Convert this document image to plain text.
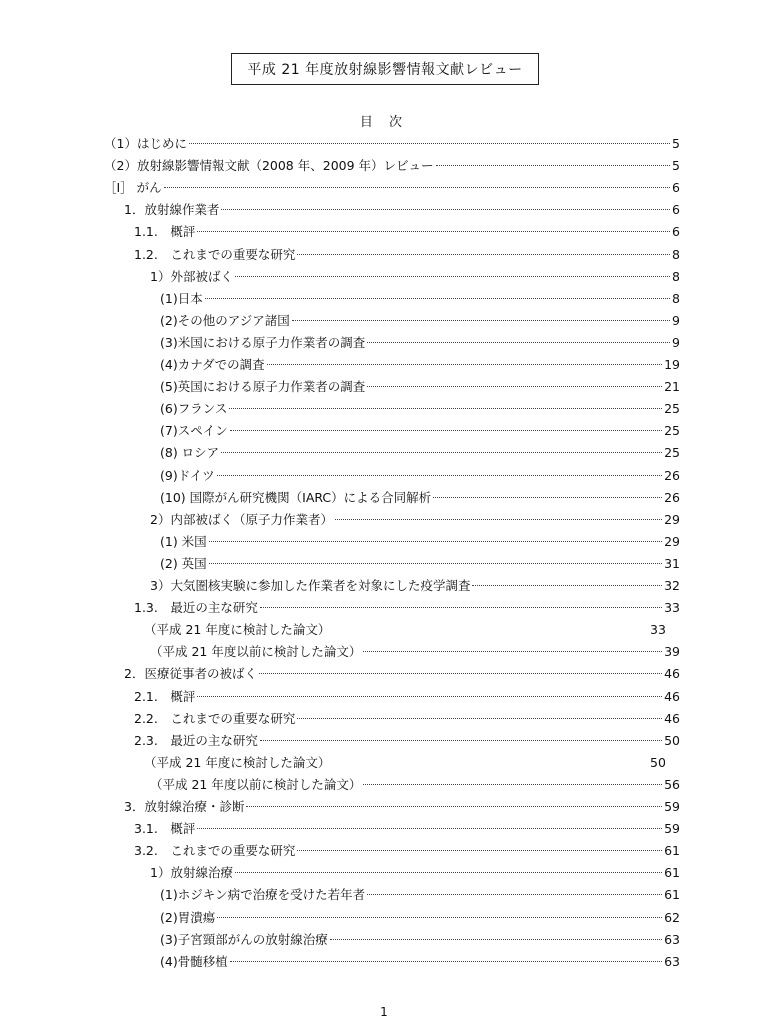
平成 21 年度放射線影響情報文献レビュー
目 次
（1）はじめに	5
（2）放射線影響情報文献（2008 年、2009 年）レビュー	5
［Ⅰ］ がん	6
1．放射線作業者	6
1.1.　概評	6
1.2.　これまでの重要な研究	8
1）外部被ばく	8
(1)日本	8
(2)その他のアジア諸国	9
(3)米国における原子力作業者の調査	9
(4)カナダでの調査	19
(5)英国における原子力作業者の調査	21
(6)フランス	25
(7)スペイン	25
(8) ロシア	25
(9)ドイツ	26
(10) 国際がん研究機関（IARC）による合同解析	26
2）内部被ばく（原子力作業者）	29
(1) 米国	29
(2) 英国	31
3）大気圏核実験に参加した作業者を対象にした疫学調査	32
1.3.　最近の主な研究	33
（平成 21 年度に検討した論文）	33
（平成 21 年度以前に検討した論文）	39
2．医療従事者の被ばく	46
2.1.　概評	46
2.2.　これまでの重要な研究	46
2.3.　最近の主な研究	50
（平成 21 年度に検討した論文）	50
（平成 21 年度以前に検討した論文）	56
3．放射線治療・診断	59
3.1.　概評	59
3.2.　これまでの重要な研究	61
1）放射線治療	61
(1)ホジキン病で治療を受けた若年者	61
(2)胃潰瘍	62
(3)子宮頸部がんの放射線治療	63
(4)骨髄移植	63
1
